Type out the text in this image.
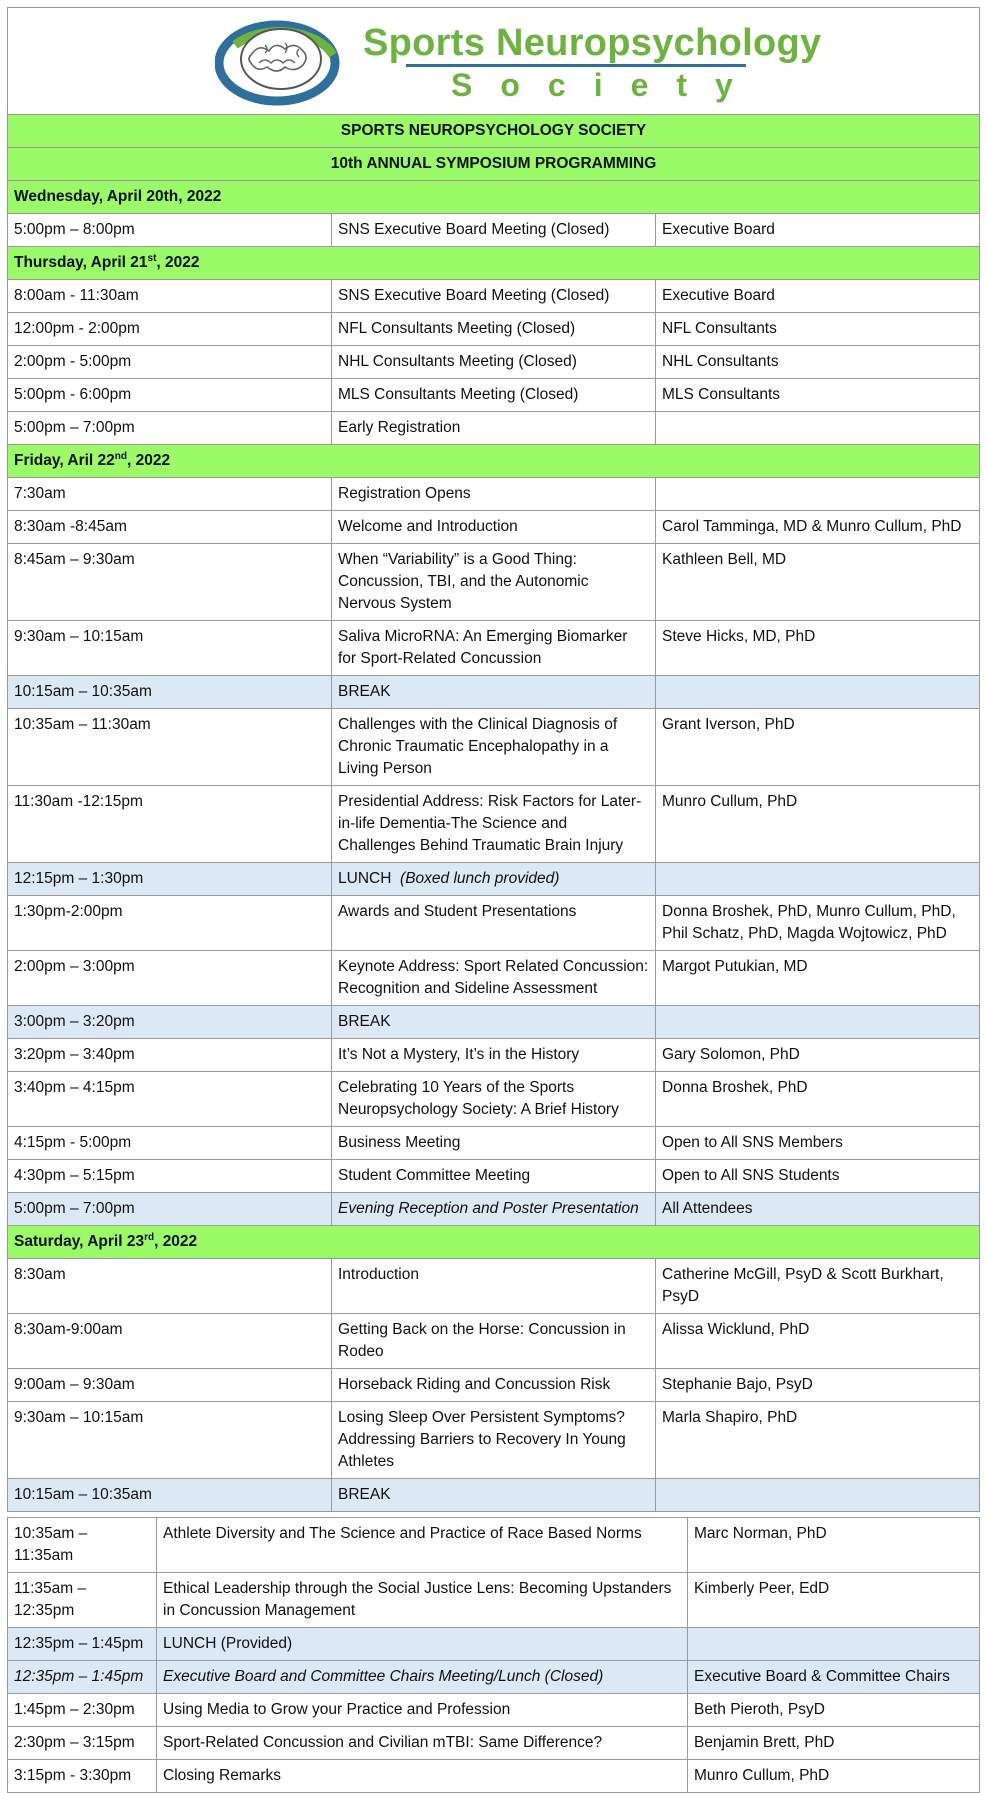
Sports Neuropsychology
Society
SPORTS NEUROPSYCHOLOGY SOCIETY		
10th ANNUAL SYMPOSIUM PROGRAMMING		
Wednesday, April 20th, 2022		
5:00pm – 8:00pm	SNS Executive Board Meeting (Closed)	Executive Board
Thursday, April 21st, 2022		
8:00am - 11:30am	SNS Executive Board Meeting (Closed)	Executive Board
12:00pm - 2:00pm	NFL Consultants Meeting (Closed)	NFL Consultants
2:00pm - 5:00pm	NHL Consultants Meeting (Closed)	NHL Consultants
5:00pm - 6:00pm	MLS Consultants Meeting (Closed)	MLS Consultants
5:00pm – 7:00pm	Early Registration	
Friday, Aril 22nd, 2022		
7:30am	Registration Opens	
8:30am -8:45am	Welcome and Introduction	Carol Tamminga, MD & Munro Cullum, PhD
8:45am – 9:30am	When “Variability” is a Good Thing: Concussion, TBI, and the Autonomic Nervous System	Kathleen Bell, MD
9:30am – 10:15am	Saliva MicroRNA: An Emerging Biomarker for Sport-Related Concussion	Steve Hicks, MD, PhD
10:15am – 10:35am	BREAK	
10:35am – 11:30am	Challenges with the Clinical Diagnosis of Chronic Traumatic Encephalopathy in a Living Person	Grant Iverson, PhD
11:30am -12:15pm	Presidential Address: Risk Factors for Later-in-life Dementia-The Science and Challenges Behind Traumatic Brain Injury	Munro Cullum, PhD
12:15pm – 1:30pm	LUNCH (Boxed lunch provided)	
1:30pm-2:00pm	Awards and Student Presentations	Donna Broshek, PhD, Munro Cullum, PhD, Phil Schatz, PhD, Magda Wojtowicz, PhD
2:00pm – 3:00pm	Keynote Address: Sport Related Concussion: Recognition and Sideline Assessment	Margot Putukian, MD
3:00pm – 3:20pm	BREAK	
3:20pm – 3:40pm	It’s Not a Mystery, It’s in the History	Gary Solomon, PhD
3:40pm – 4:15pm	Celebrating 10 Years of the Sports Neuropsychology Society: A Brief History	Donna Broshek, PhD
4:15pm - 5:00pm	Business Meeting	Open to All SNS Members
4:30pm – 5:15pm	Student Committee Meeting	Open to All SNS Students
5:00pm – 7:00pm	Evening Reception and Poster Presentation	All Attendees
Saturday, April 23rd, 2022		
8:30am	Introduction	Catherine McGill, PsyD & Scott Burkhart, PsyD
8:30am-9:00am	Getting Back on the Horse: Concussion in Rodeo	Alissa Wicklund, PhD
9:00am – 9:30am	Horseback Riding and Concussion Risk	Stephanie Bajo, PsyD
9:30am – 10:15am	Losing Sleep Over Persistent Symptoms? Addressing Barriers to Recovery In Young Athletes	Marla Shapiro, PhD
10:15am – 10:35am	BREAK	
10:35am – 11:35am	Athlete Diversity and The Science and Practice of Race Based Norms	Marc Norman, PhD
11:35am – 12:35pm	Ethical Leadership through the Social Justice Lens: Becoming Upstanders in Concussion Management	Kimberly Peer, EdD
12:35pm – 1:45pm	LUNCH (Provided)	
12:35pm – 1:45pm	Executive Board and Committee Chairs Meeting/Lunch (Closed)	Executive Board & Committee Chairs
1:45pm – 2:30pm	Using Media to Grow your Practice and Profession	Beth Pieroth, PsyD
2:30pm – 3:15pm	Sport-Related Concussion and Civilian mTBI: Same Difference?	Benjamin Brett, PhD
3:15pm - 3:30pm	Closing Remarks	Munro Cullum, PhD
